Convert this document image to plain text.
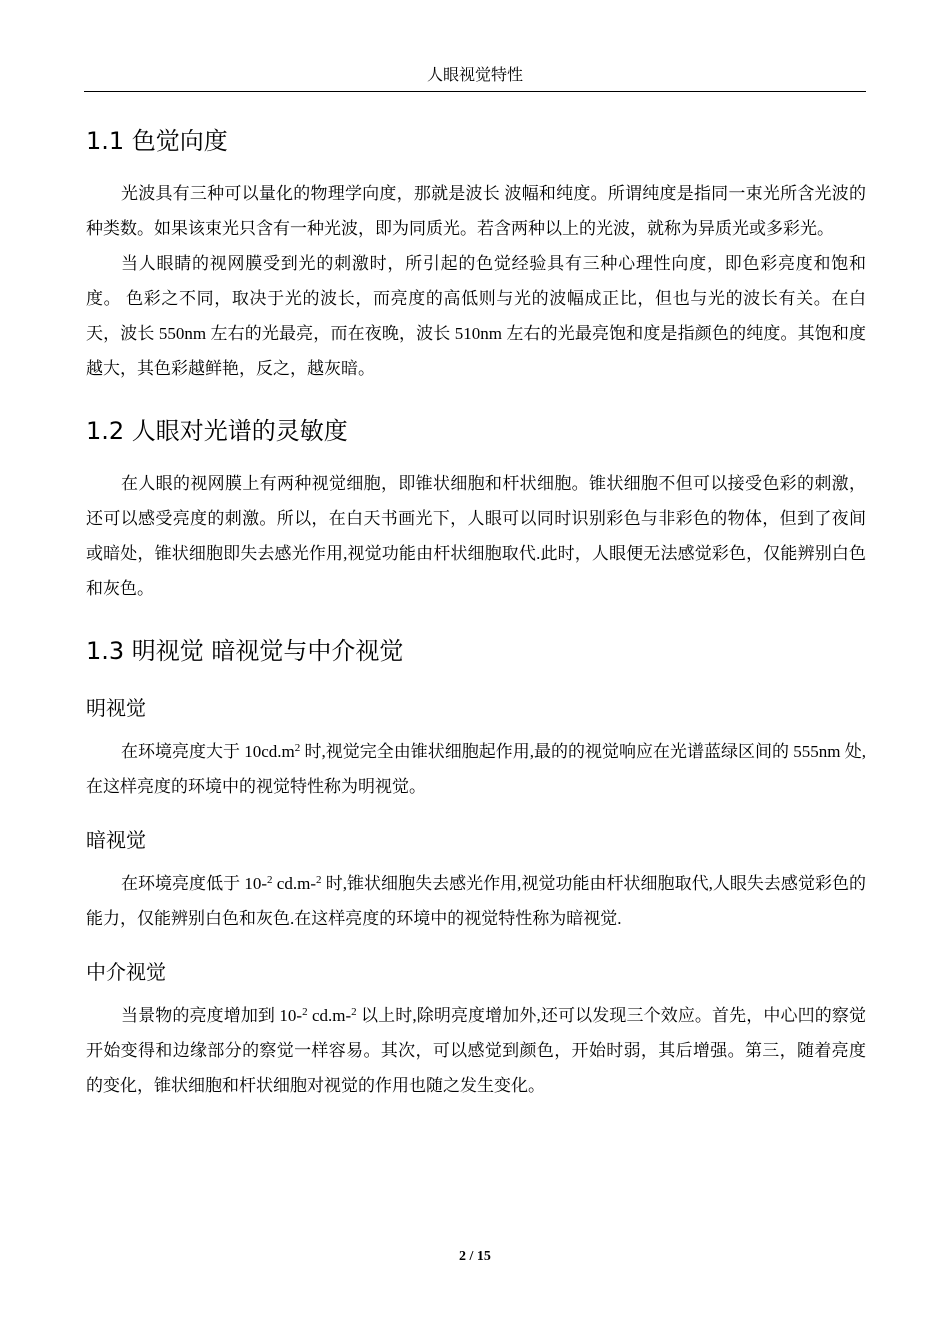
人眼视觉特性
1.1 色觉向度

光波具有三种可以量化的物理学向度，那就是波长 波幅和纯度。所谓纯度是指同一束光所含光波的种类数。如果该束光只含有一种光波，即为同质光。若含两种以上的光波，就称为异质光或多彩光。

当人眼睛的视网膜受到光的刺激时，所引起的色觉经验具有三种心理性向度，即色彩亮度和饱和度。 色彩之不同，取决于光的波长，而亮度的高低则与光的波幅成正比，但也与光的波长有关。在白天，波长 550nm 左右的光最亮，而在夜晚，波长 510nm 左右的光最亮饱和度是指颜色的纯度。其饱和度越大，其色彩越鲜艳，反之，越灰暗。

1.2 人眼对光谱的灵敏度

在人眼的视网膜上有两种视觉细胞，即锥状细胞和杆状细胞。锥状细胞不但可以接受色彩的刺激，还可以感受亮度的刺激。所以，在白天书画光下，人眼可以同时识别彩色与非彩色的物体，但到了夜间或暗处，锥状细胞即失去感光作用,视觉功能由杆状细胞取代.此时，人眼便无法感觉彩色，仅能辨别白色和灰色。

1.3 明视觉 暗视觉与中介视觉
明视觉

在环境亮度大于 $10cd.m^2$ 时,视觉完全由锥状细胞起作用,最的的视觉响应在光谱蓝绿区间的 555nm 处,在这样亮度的环境中的视觉特性称为明视觉。

暗视觉

在环境亮度低于 10-$^2$ cd.m-$^2$ 时,锥状细胞失去感光作用,视觉功能由杆状细胞取代,人眼失去感觉彩色的能力，仅能辨别白色和灰色.在这样亮度的环境中的视觉特性称为暗视觉.

中介视觉

当景物的亮度增加到 10-$^2$ cd.m-$^2$ 以上时,除明亮度增加外,还可以发现三个效应。首先，中心凹的察觉开始变得和边缘部分的察觉一样容易。其次，可以感觉到颜色，开始时弱，其后增强。第三，随着亮度的变化，锥状细胞和杆状细胞对视觉的作用也随之发生变化。

2 / 15
